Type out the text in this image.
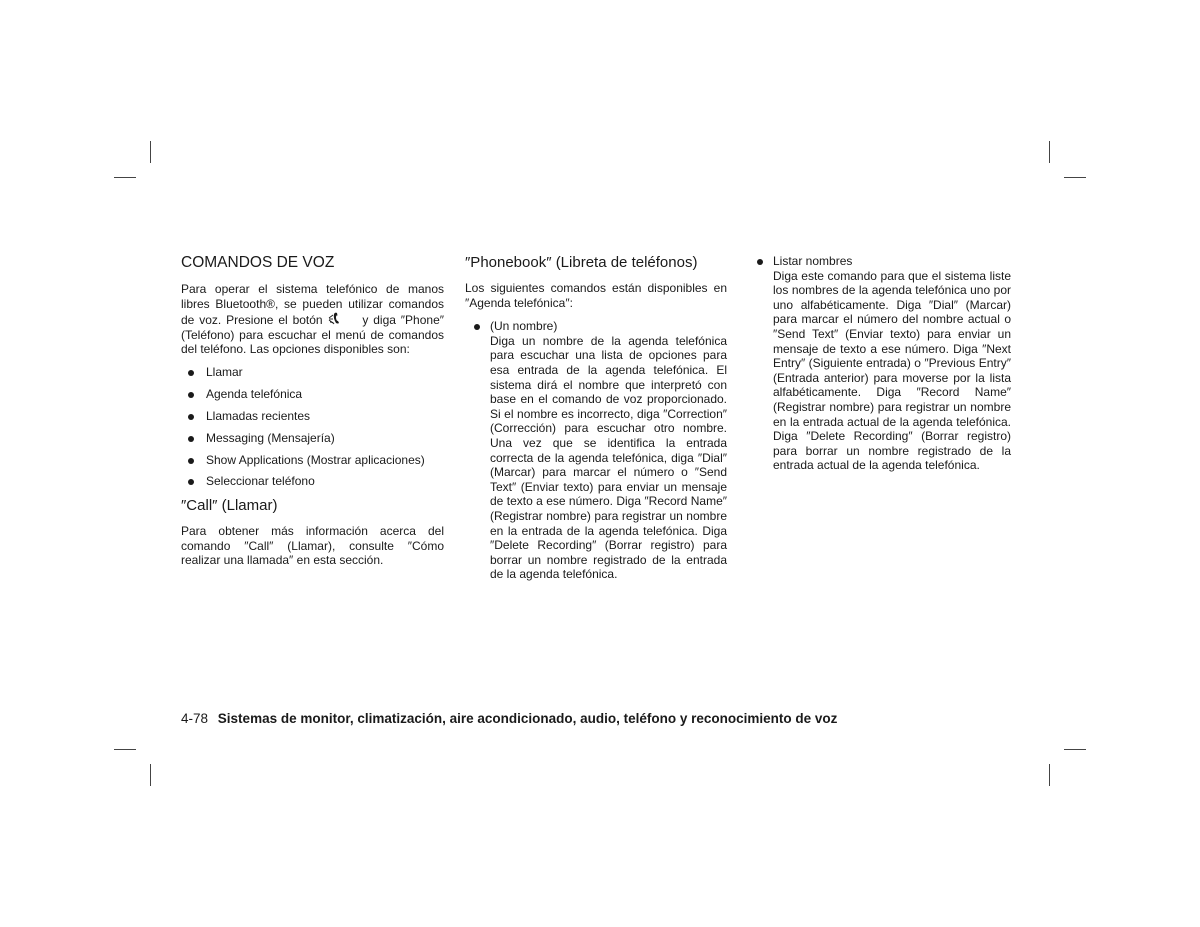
COMANDOS DE VOZ

Para operar el sistema telefónico de manos libres Bluetooth®, se pueden utilizar comandos de voz. Presione el botón	y diga ″Phone″ (Teléfono) para escuchar el menú de comandos del teléfono. Las opciones disponibles son:

Llamar
Agenda telefónica
Llamadas recientes
Messaging (Mensajería)
Show Applications (Mostrar aplicaciones)
Seleccionar teléfono
″Call″ (Llamar)

Para obtener más información acerca del comando ″Call″ (Llamar), consulte ″Cómo realizar una llamada″ en esta sección.

″Phonebook″ (Libreta de teléfonos)

Los siguientes comandos están disponibles en ″Agenda telefónica″:

(Un nombre)
Diga un nombre de la agenda telefónica para escuchar una lista de opciones para esa entrada de la agenda telefónica. El sistema dirá el nombre que interpretó con base en el comando de voz proporcionado. Si el nombre es incorrecto, diga ″Correction″ (Corrección) para escuchar otro nombre. Una vez que se identifica la entrada correcta de la agenda telefónica, diga ″Dial″ (Marcar) para marcar el número o ″Send Text″ (Enviar texto) para enviar un mensaje de texto a ese número. Diga ″Record Name″ (Registrar nombre) para registrar un nombre en la entrada de la agenda telefónica. Diga ″Delete Recording″ (Borrar registro) para borrar un nombre registrado de la entrada de la agenda telefónica.
Listar nombres
Diga este comando para que el sistema liste los nombres de la agenda telefónica uno por uno alfabéticamente. Diga ″Dial″ (Marcar) para marcar el número del nombre actual o ″Send Text″ (Enviar texto) para enviar un mensaje de texto a ese número. Diga ″Next Entry″ (Siguiente entrada) o ″Previous Entry″ (Entrada anterior) para moverse por la lista alfabéticamente. Diga ″Record Name″ (Registrar nombre) para registrar un nombre en la entrada actual de la agenda telefónica. Diga ″Delete Recording″ (Borrar registro) para borrar un nombre registrado de la entrada actual de la agenda telefónica.
4-78 Sistemas de monitor, climatización, aire acondicionado, audio, teléfono y reconocimiento de voz
